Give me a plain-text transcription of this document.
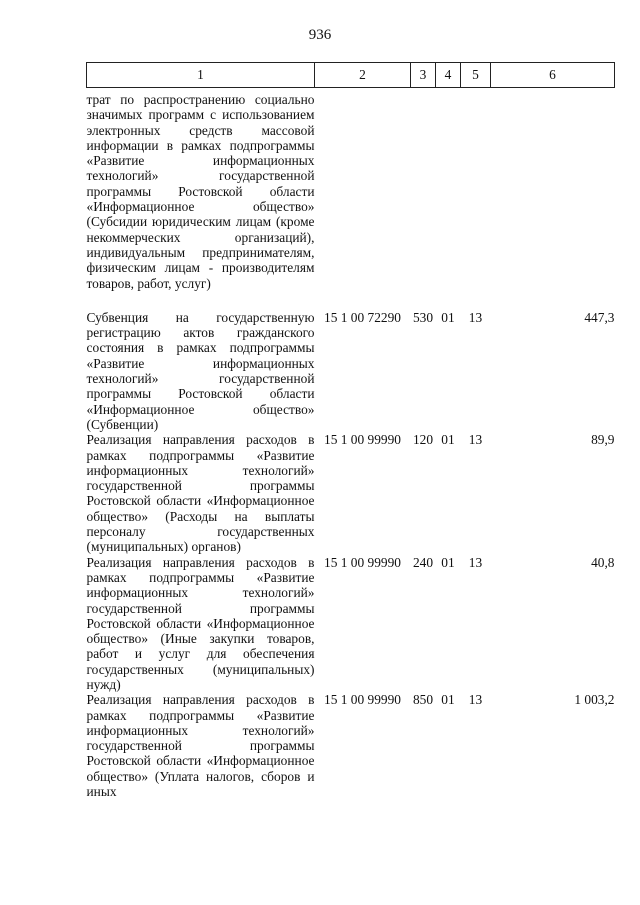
936
1	2	3	4	5	6
трат по распространению социально значимых программ с использованием электронных средств массовой информации в рамках подпрограммы «Развитие информационных технологий» государственной программы Ростовской области «Информационное общество» (Субсидии юридическим лицам (кроме некоммерческих организаций), индивидуальным предпринимателям, физическим лицам - производителям товаров, работ, услуг)					
Субвенция на государственную регистрацию актов гражданского состояния в рамках подпрограммы «Развитие информационных технологий» государственной программы Ростовской области «Информационное общество» (Субвенции)	15 1 00 72290	530	01	13	447,3
Реализация направления расходов в рамках подпрограммы «Развитие информационных технологий» государственной программы Ростовской области «Информационное общество» (Расходы на выплаты персоналу государственных (муниципальных) органов)	15 1 00 99990	120	01	13	89,9
Реализация направления расходов в рамках подпрограммы «Развитие информационных технологий» государственной программы Ростовской области «Информационное общество» (Иные закупки товаров, работ и услуг для обеспечения государственных (муниципальных) нужд)	15 1 00 99990	240	01	13	40,8
Реализация направления расходов в рамках подпрограммы «Развитие информационных технологий» государственной программы Ростовской области «Информационное общество» (Уплата налогов, сборов и иных	15 1 00 99990	850	01	13	1 003,2
